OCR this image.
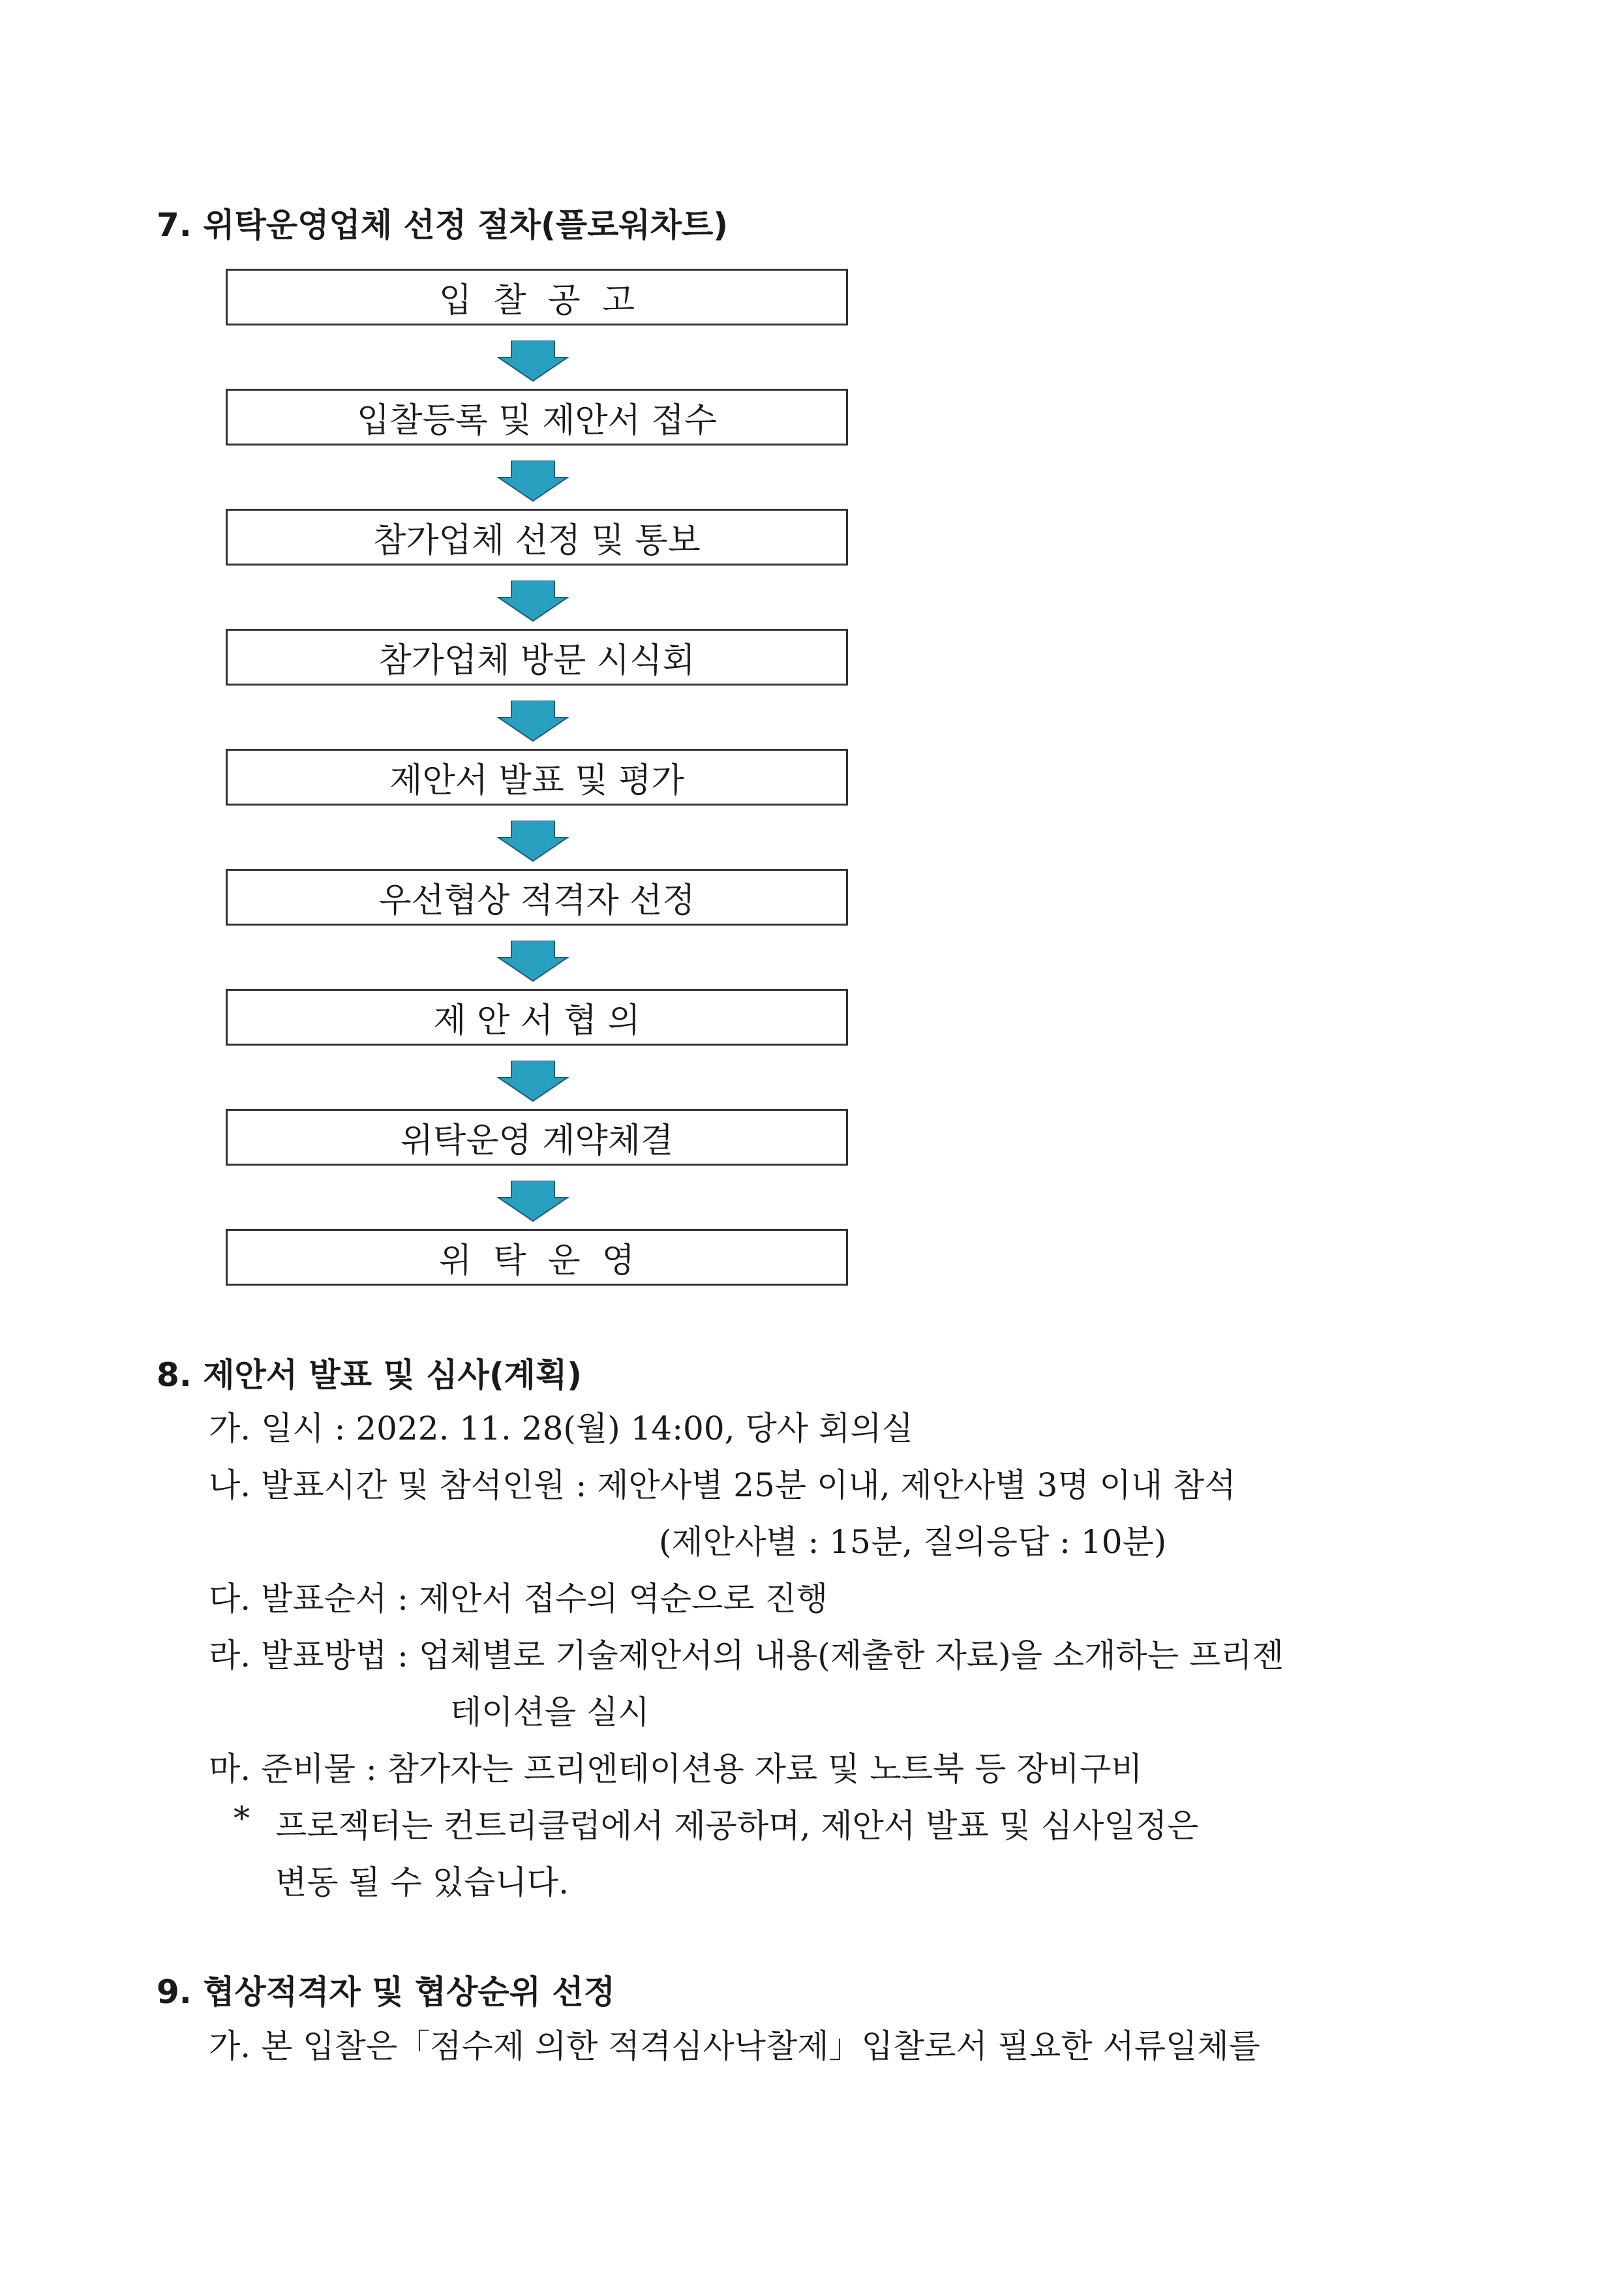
7. 위탁운영업체 선정 절차(플로워차트)
입  찰  공  고
입찰등록 및 제안서 접수
참가업체 선정 및 통보
참가업체 방문 시식회
제안서 발표 및 평가
우선협상 적격자 선정
제 안 서 협 의
위탁운영 계약체결
위  탁  운  영
8. 제안서 발표 및 심사(계획)
가. 일시 : 2022. 11. 28(월) 14:00, 당사 회의실
나. 발표시간 및 참석인원 : 제안사별 25분 이내, 제안사별 3명 이내 참석
(제안사별 : 15분, 질의응답 : 10분)
다. 발표순서 : 제안서 접수의 역순으로 진행
라. 발표방법 : 업체별로 기술제안서의 내용(제출한 자료)을 소개하는 프리젠
테이션을 실시
마. 준비물 : 참가자는 프리엔테이션용 자료 및 노트북 등 장비구비
* 프로젝터는 컨트리클럽에서 제공하며, 제안서 발표 및 심사일정은
변동 될 수 있습니다.
9. 협상적격자 및 협상순위 선정
가. 본 입찰은「점수제 의한 적격심사낙찰제」입찰로서 필요한 서류일체를
